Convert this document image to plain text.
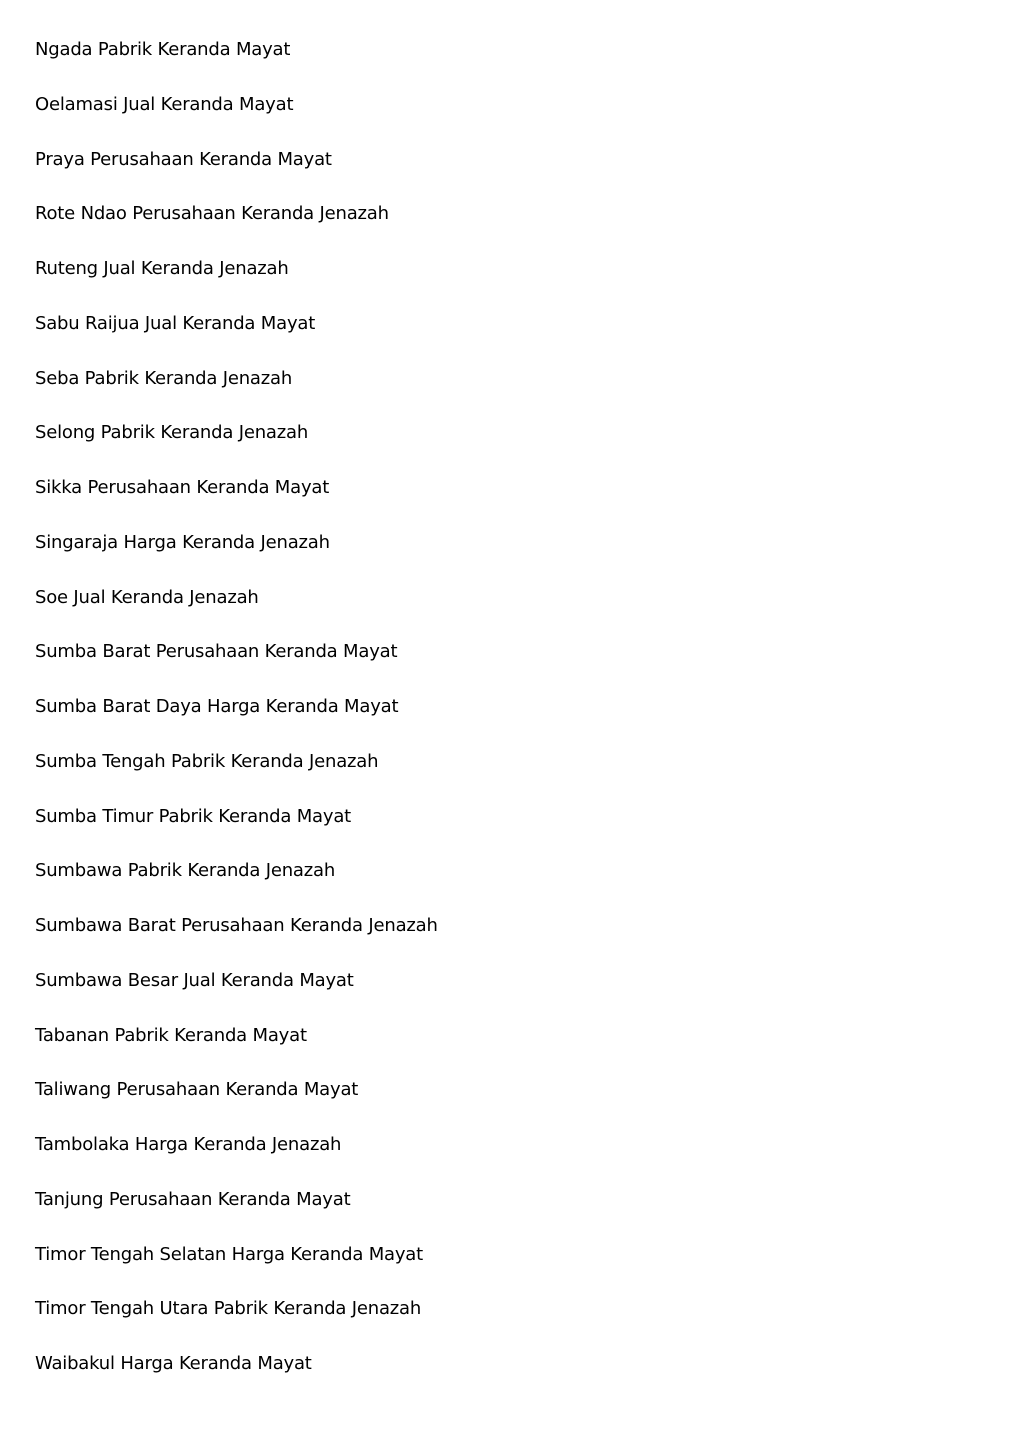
Ngada Pabrik Keranda Mayat
Oelamasi Jual Keranda Mayat
Praya Perusahaan Keranda Mayat
Rote Ndao Perusahaan Keranda Jenazah
Ruteng Jual Keranda Jenazah
Sabu Raijua Jual Keranda Mayat
Seba Pabrik Keranda Jenazah
Selong Pabrik Keranda Jenazah
Sikka Perusahaan Keranda Mayat
Singaraja Harga Keranda Jenazah
Soe Jual Keranda Jenazah
Sumba Barat Perusahaan Keranda Mayat
Sumba Barat Daya Harga Keranda Mayat
Sumba Tengah Pabrik Keranda Jenazah
Sumba Timur Pabrik Keranda Mayat
Sumbawa Pabrik Keranda Jenazah
Sumbawa Barat Perusahaan Keranda Jenazah
Sumbawa Besar Jual Keranda Mayat
Tabanan Pabrik Keranda Mayat
Taliwang Perusahaan Keranda Mayat
Tambolaka Harga Keranda Jenazah
Tanjung Perusahaan Keranda Mayat
Timor Tengah Selatan Harga Keranda Mayat
Timor Tengah Utara Pabrik Keranda Jenazah
Waibakul Harga Keranda Mayat
